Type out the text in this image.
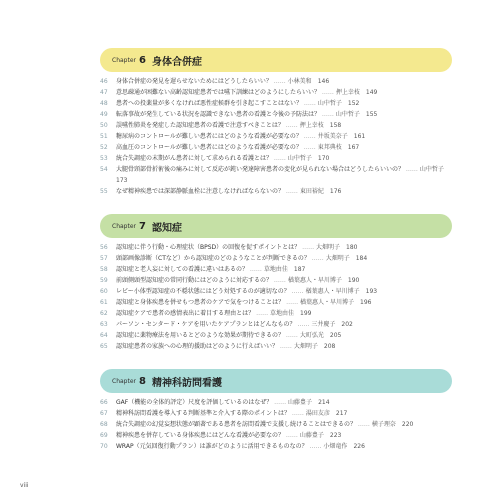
Chapter 6 身体合併症
46	身体合併症の発見を遅らせないためにはどうしたらいい？ …… 小林美和　 146
47	意思疎通が困難ない高齢認知症患者では嚥下訓練はどのようにしたらいい？ …… 押上幸枝　 149
48	患者への投薬量が多くなければ悪性症候群を引き起こすことはない？ …… 山中哲子　 152
49	転落事故が発生している状況を認識できない患者の看護と今後の予防法は？ …… 山中哲子　 155
50	誤嚥性肺炎を発症した認知症患者の看護で注意すべきことは？ …… 押上幸枝　 158
51	糖尿病のコントロールが難しい患者にはどのような看護が必要なの？ …… 井坂美奈子　 161
52	高血圧のコントロールが難しい患者にはどのような看護が必要なの？ …… 東邦典枝　 167
53	統合失調症の末期がん患者に対して求められる看護とは？ …… 山中哲子　 170
54	大腿骨頸部骨折術後の痛みに対して反応が鈍い発達障害患者の変化が見られない場合はどうしたらいいの？ …… 山中哲子　173
55	なぜ精神疾患では深部静脈血栓に注意しなければならないの？ …… 東田裕紀　 176
Chapter 7 認知症
56	認知症に伴う行動・心理症状（BPSD）の回復を促すポイントとは？ …… 大畑明子　 180
57	頭部画像診断（CTなど）から認知症のどのようなことが判断できるの？ …… 大畑明子　 184
58	認知症と老人妄に対しての看護に違いはあるの？ …… 草地由佳　 187
59	前頭側頭型認知症の常同行動にはどのように対応するの？ …… 楢葉惠人・早川博子　 190
60	レビー小体型認知症の不穏状態にはどう対処するのが適切なの？ …… 楢葉惠人・早川博子　 193
61	認知症と身体疾患を併せもつ患者のケアで気をつけることは？ …… 楢葉惠人・早川博子　 196
62	認知症ケアで患者の感情表出に着目する理由とは？ …… 草地由佳　 199
63	パーソン・センタード・ケアを用いたケアプランとはどんなもの？ …… 三井慶子　 202
64	認知症に薬物療法を用いるとどのような効果が期待できるの？ …… 大町弘光　 205
65	認知症患者の家族への心理的援助はどのように行えばいい？ …… 大畑明子　 208
Chapter 8 精神科訪問看護
66	GAF（機能の全体的評定）尺度を評価しているのはなぜ？ …… 山藤豊子　 214
67	精神科訪問看護を導入する判断基準と介入する際のポイントは？ …… 湯田友彦　 217
68	統合失調症の幻覚妄想状態が顕著である患者を訪問看護で支援し続けることはできるの？ …… 横子理奈　 220
69	精神疾患を併存している身体疾患にはどんな看護が必要なの？ …… 山藤豊子　 223
70	WRAP（元気回復行動プラン）は誰がどのように活用できるものなの？ …… 小畑竜作　 226
viii
